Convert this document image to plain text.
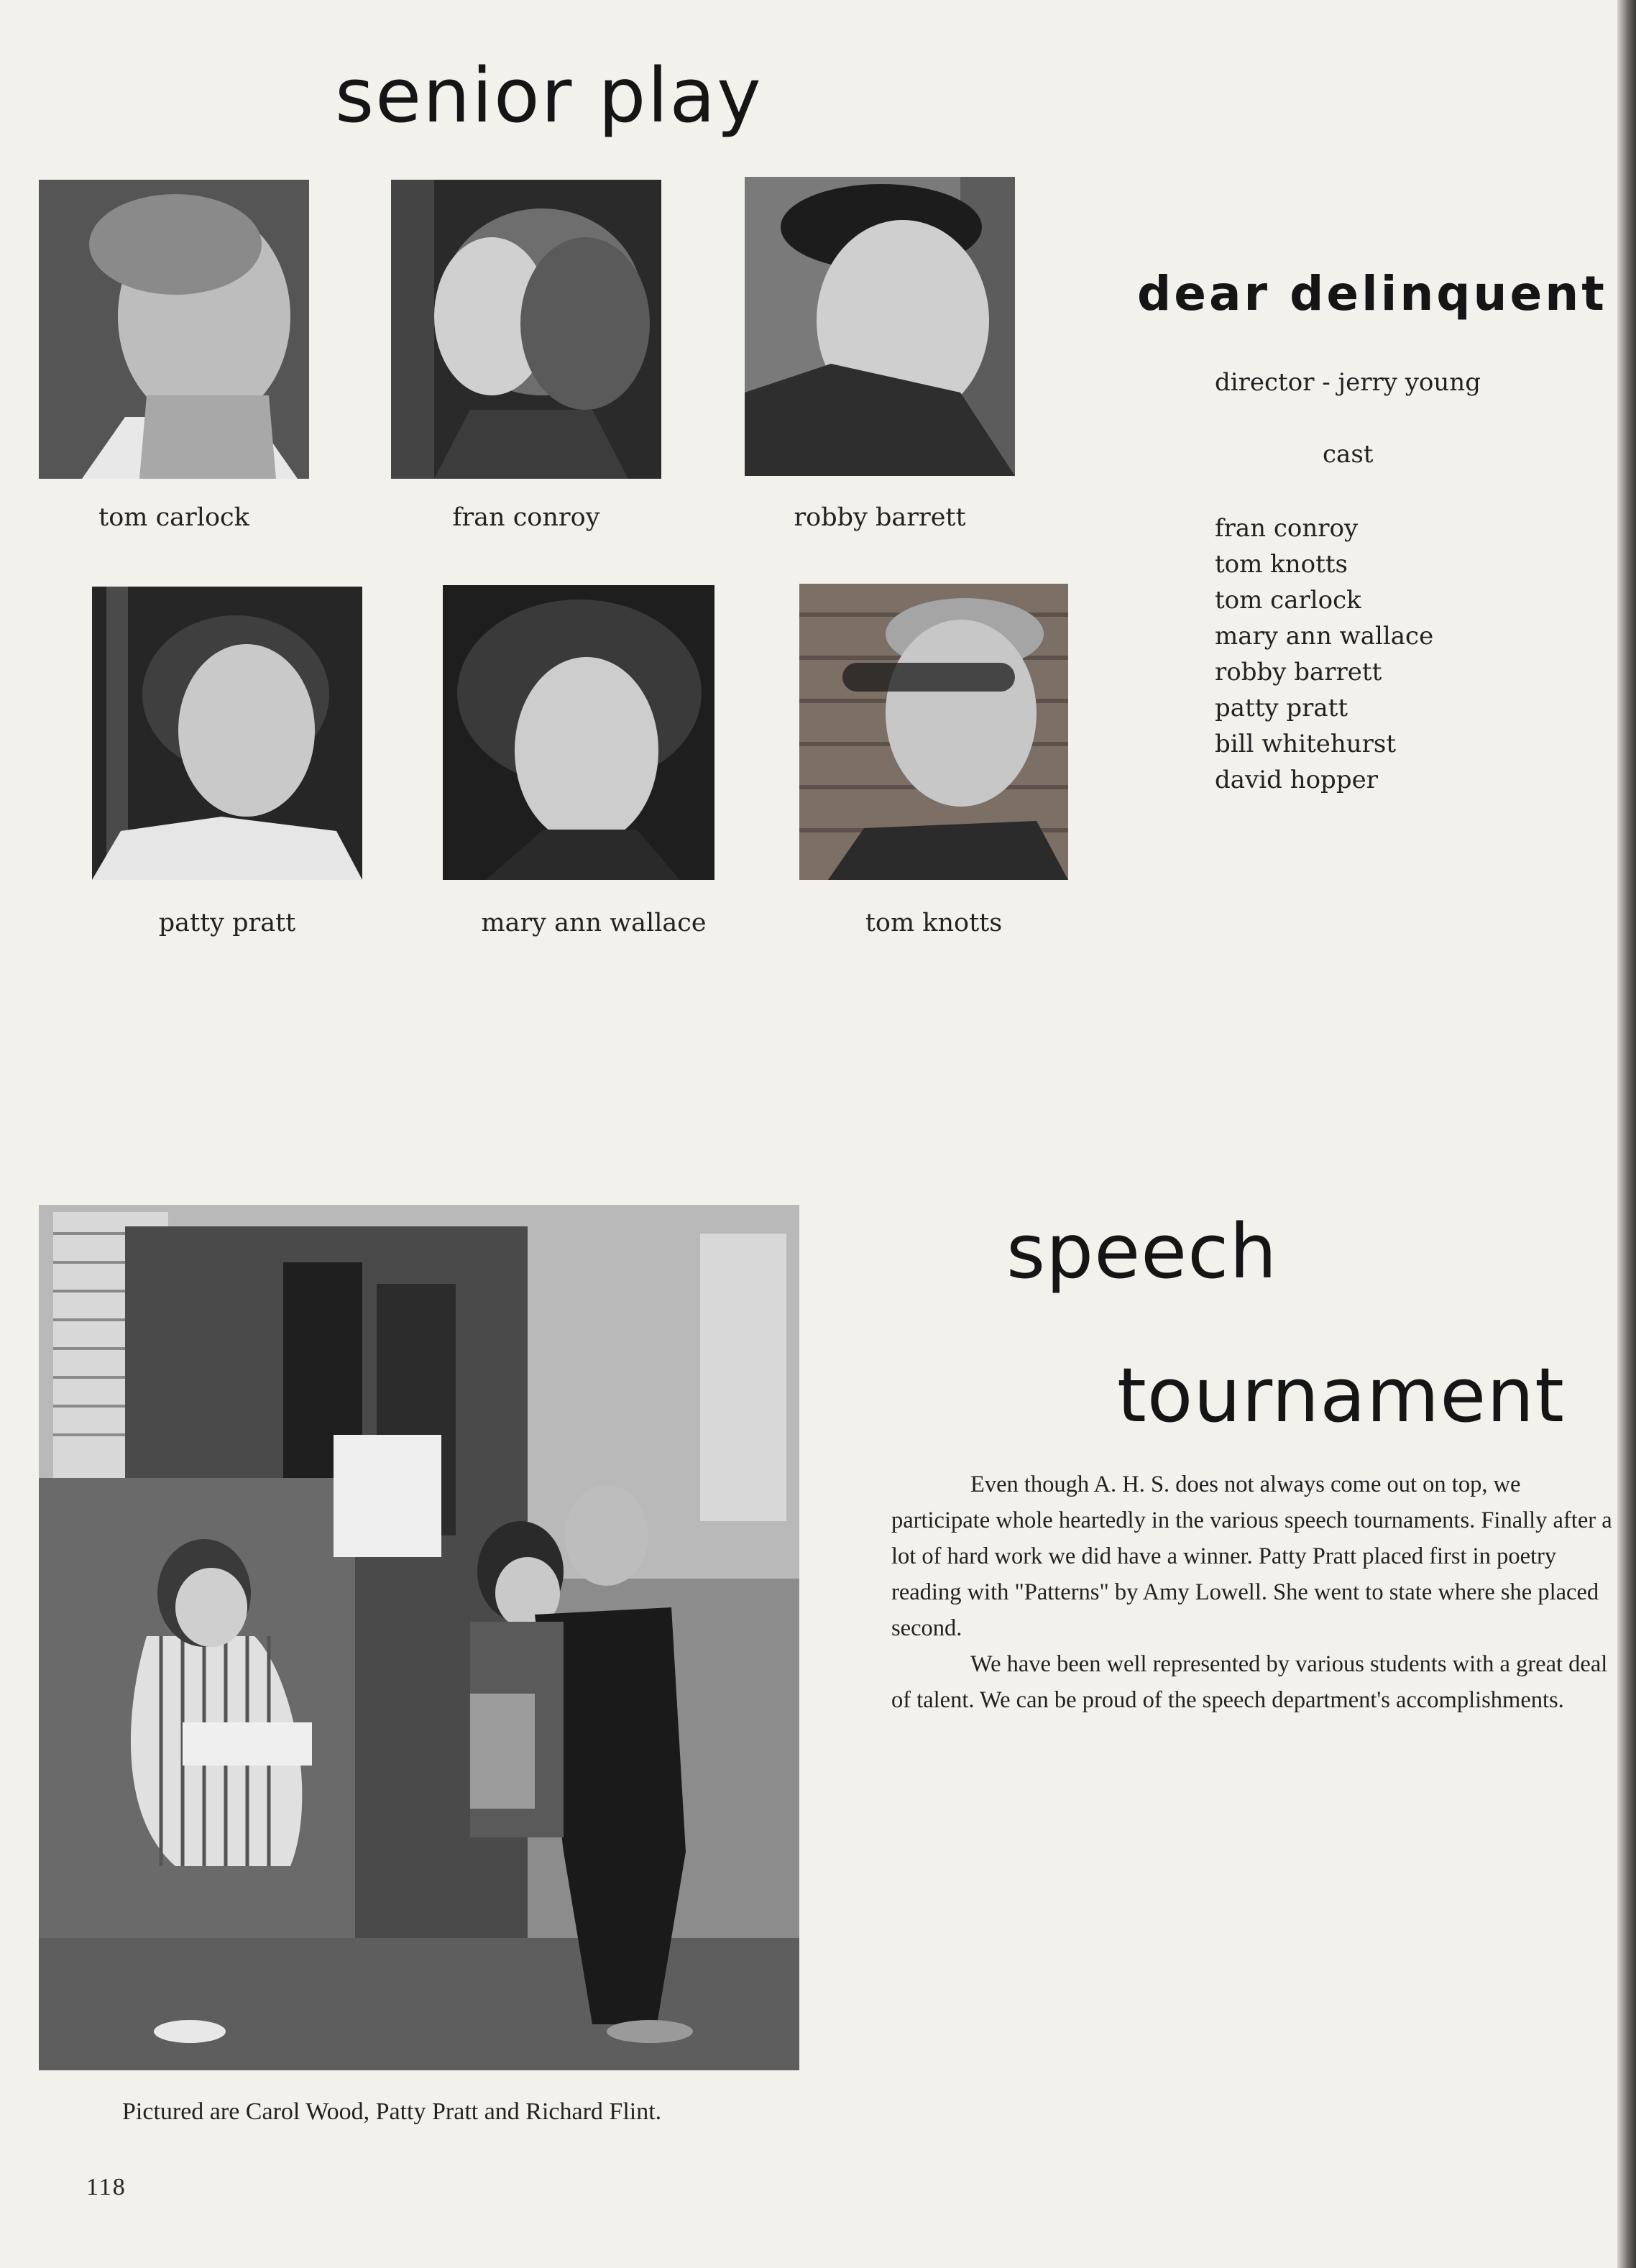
senior play
tom carlock	fran conroy	robby barrett
patty pratt	mary ann wallace	tom knotts
dear delinquent
director - jerry young
cast
fran conroy
tom knotts
tom carlock
mary ann wallace
robby barrett
patty pratt
bill whitehurst
david hopper
speech
tournament

Even though A. H. S. does not always come out on top, we participate whole heartedly in the various speech tournaments. Finally after a lot of hard work we did have a winner. Patty Pratt placed first in poetry reading with "Patterns" by Amy Lowell. She went to state where she placed second.

We have been well represented by various students with a great deal of talent. We can be proud of the speech department's accomplishments.

Pictured are Carol Wood, Patty Pratt and Richard Flint.
118
